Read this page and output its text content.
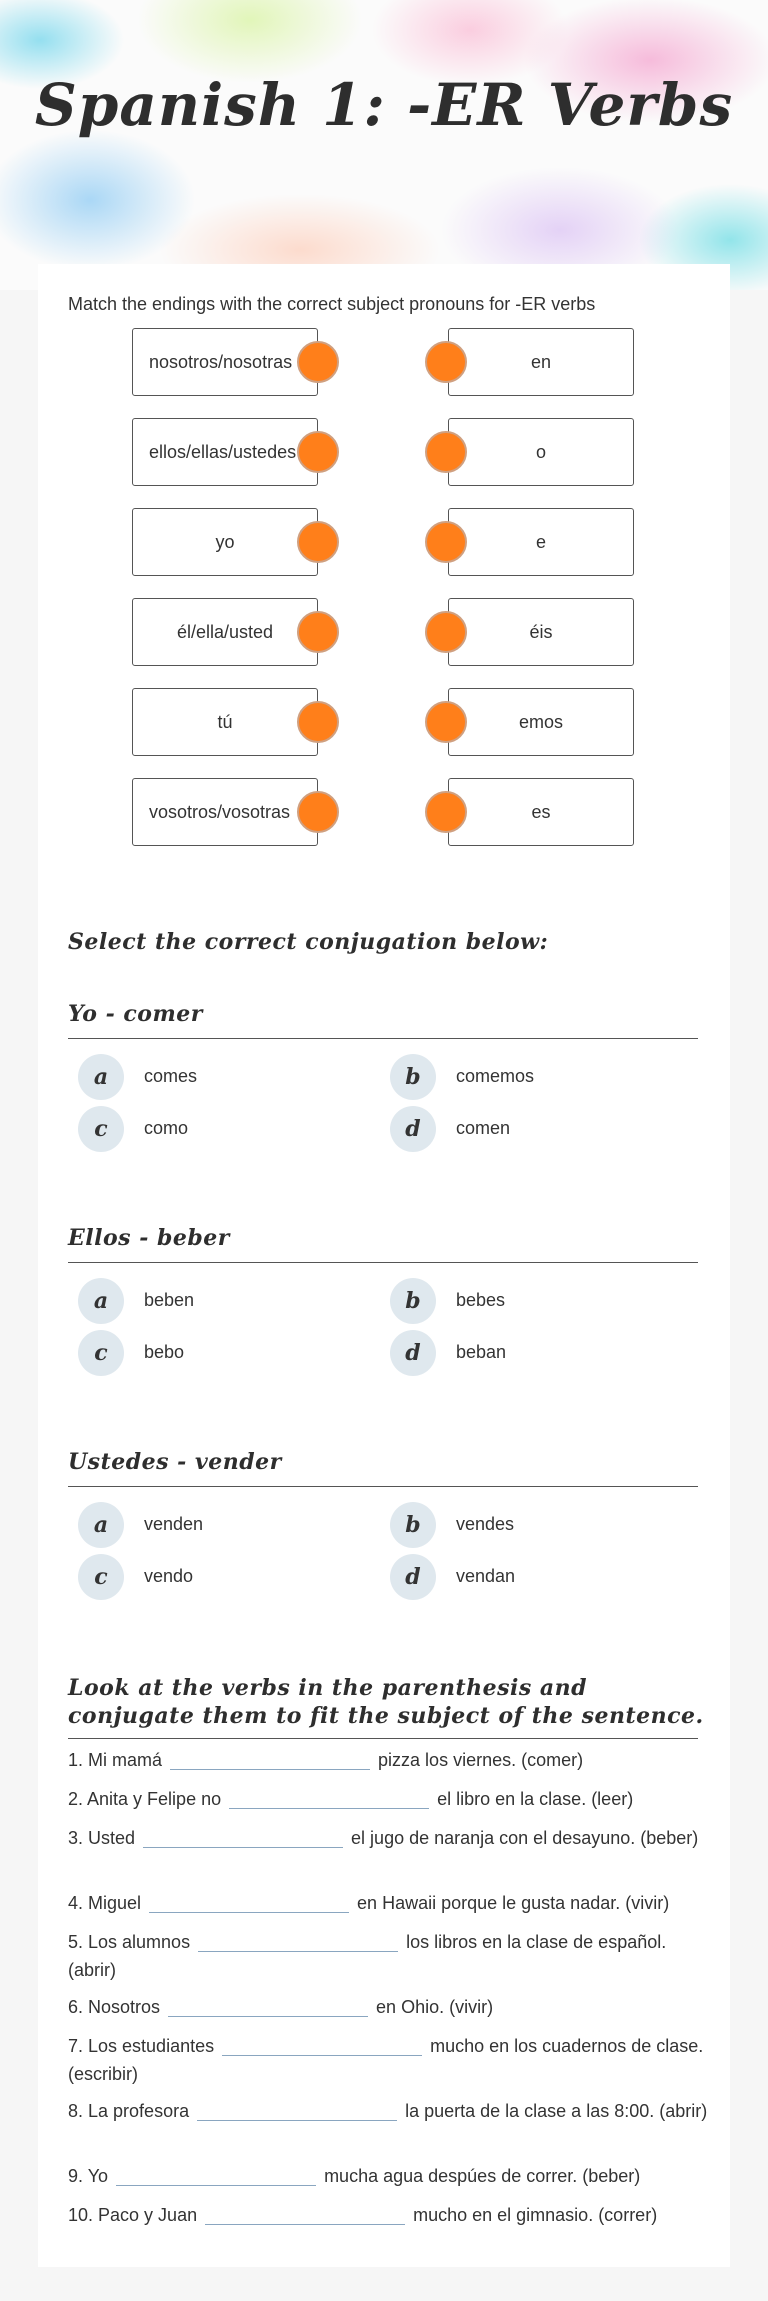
Spanish 1: -ER Verbs
Match the endings with the correct subject pronouns for -ER verbs
nosotros/nosotras
ellos/ellas/ustedes
yo
él/ella/usted
tú
vosotros/vosotras
en
o
e
éis
emos
es
Select the correct conjugation below:
Yo - comer
a	comes	b	comemos
c	como	d	comen
Ellos - beber
a	beben	b	bebes
c	bebo	d	beban
Ustedes - vender
a	venden	b	vendes
c	vendo	d	vendan
Look at the verbs in the parenthesis and conjugate them to fit the subject of the sentence.
1. Mi mamá	pizza los viernes. (comer)
2. Anita y Felipe no	el libro en la clase. (leer)
3. Usted	el jugo de naranja con el desayuno. (beber)
4. Miguel	en Hawaii porque le gusta nadar. (vivir)
5. Los alumnos	los libros en la clase de español. (abrir)
6. Nosotros	en Ohio. (vivir)
7. Los estudiantes	mucho en los cuadernos de clase. (escribir)
8. La profesora	la puerta de la clase a las 8:00. (abrir)
9. Yo	mucha agua despúes de correr. (beber)
10. Paco y Juan	mucho en el gimnasio. (correr)
